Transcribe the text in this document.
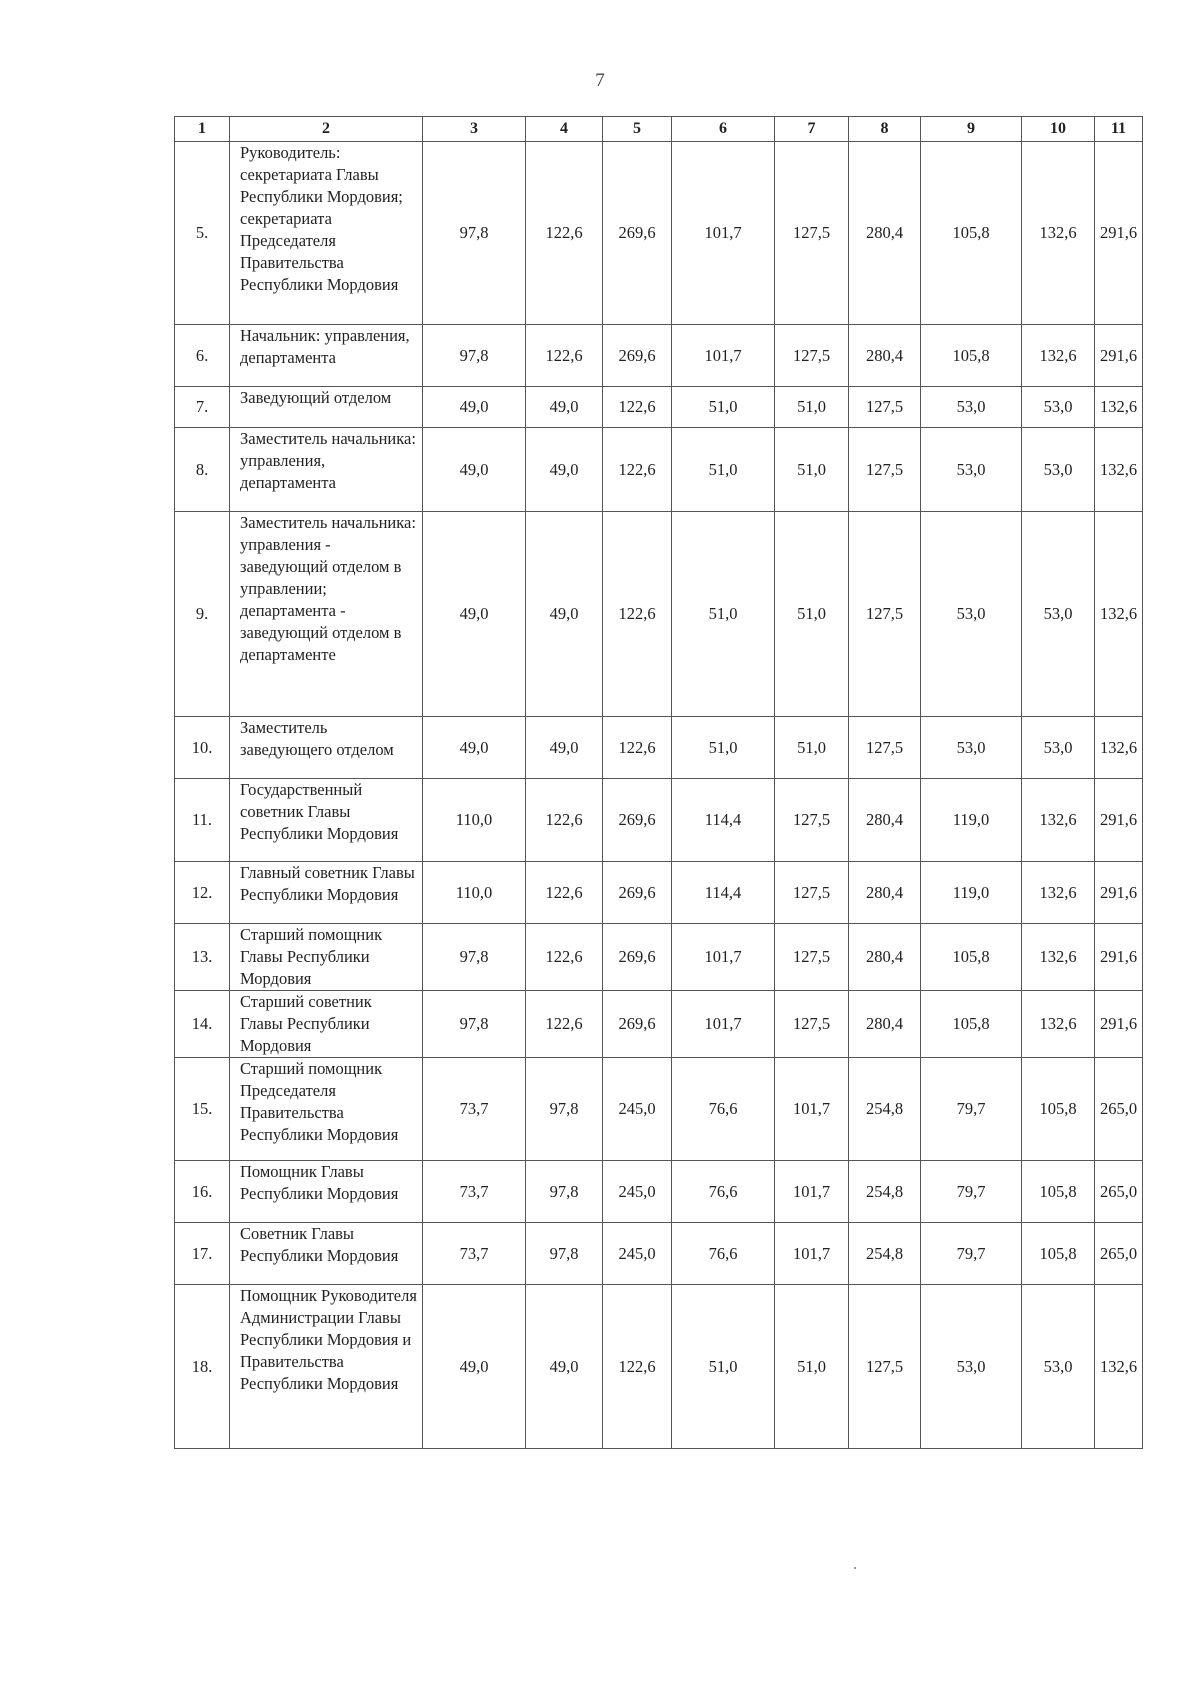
7
1	2	3	4	5	6	7	8	9	10	11
5.	Руководитель: секретариата Главы Республики Мордовия; секретариата Председателя Правительства Республики Мордовия	97,8	122,6	269,6	101,7	127,5	280,4	105,8	132,6	291,6
6.	Начальник: управления, департамента	97,8	122,6	269,6	101,7	127,5	280,4	105,8	132,6	291,6
7.	Заведующий отделом	49,0	49,0	122,6	51,0	51,0	127,5	53,0	53,0	132,6
8.	Заместитель начальника: управления, департамента	49,0	49,0	122,6	51,0	51,0	127,5	53,0	53,0	132,6
9.	Заместитель начальника: управления - заведующий отделом в управлении; департамента - заведующий отделом в департаменте	49,0	49,0	122,6	51,0	51,0	127,5	53,0	53,0	132,6
10.	Заместитель заведующего отделом	49,0	49,0	122,6	51,0	51,0	127,5	53,0	53,0	132,6
11.	Государственный советник Главы Республики Мордовия	110,0	122,6	269,6	114,4	127,5	280,4	119,0	132,6	291,6
12.	Главный советник Главы Республики Мордовия	110,0	122,6	269,6	114,4	127,5	280,4	119,0	132,6	291,6
13.	Старший помощник Главы Республики Мордовия	97,8	122,6	269,6	101,7	127,5	280,4	105,8	132,6	291,6
14.	Старший советник Главы Республики Мордовия	97,8	122,6	269,6	101,7	127,5	280,4	105,8	132,6	291,6
15.	Старший помощник Председателя Правительства Республики Мордовия	73,7	97,8	245,0	76,6	101,7	254,8	79,7	105,8	265,0
16.	Помощник Главы Республики Мордовия	73,7	97,8	245,0	76,6	101,7	254,8	79,7	105,8	265,0
17.	Советник Главы Республики Мордовия	73,7	97,8	245,0	76,6	101,7	254,8	79,7	105,8	265,0
18.	Помощник Руководителя Администрации Главы Республики Мордовия и Правительства Республики Мордовия	49,0	49,0	122,6	51,0	51,0	127,5	53,0	53,0	132,6
